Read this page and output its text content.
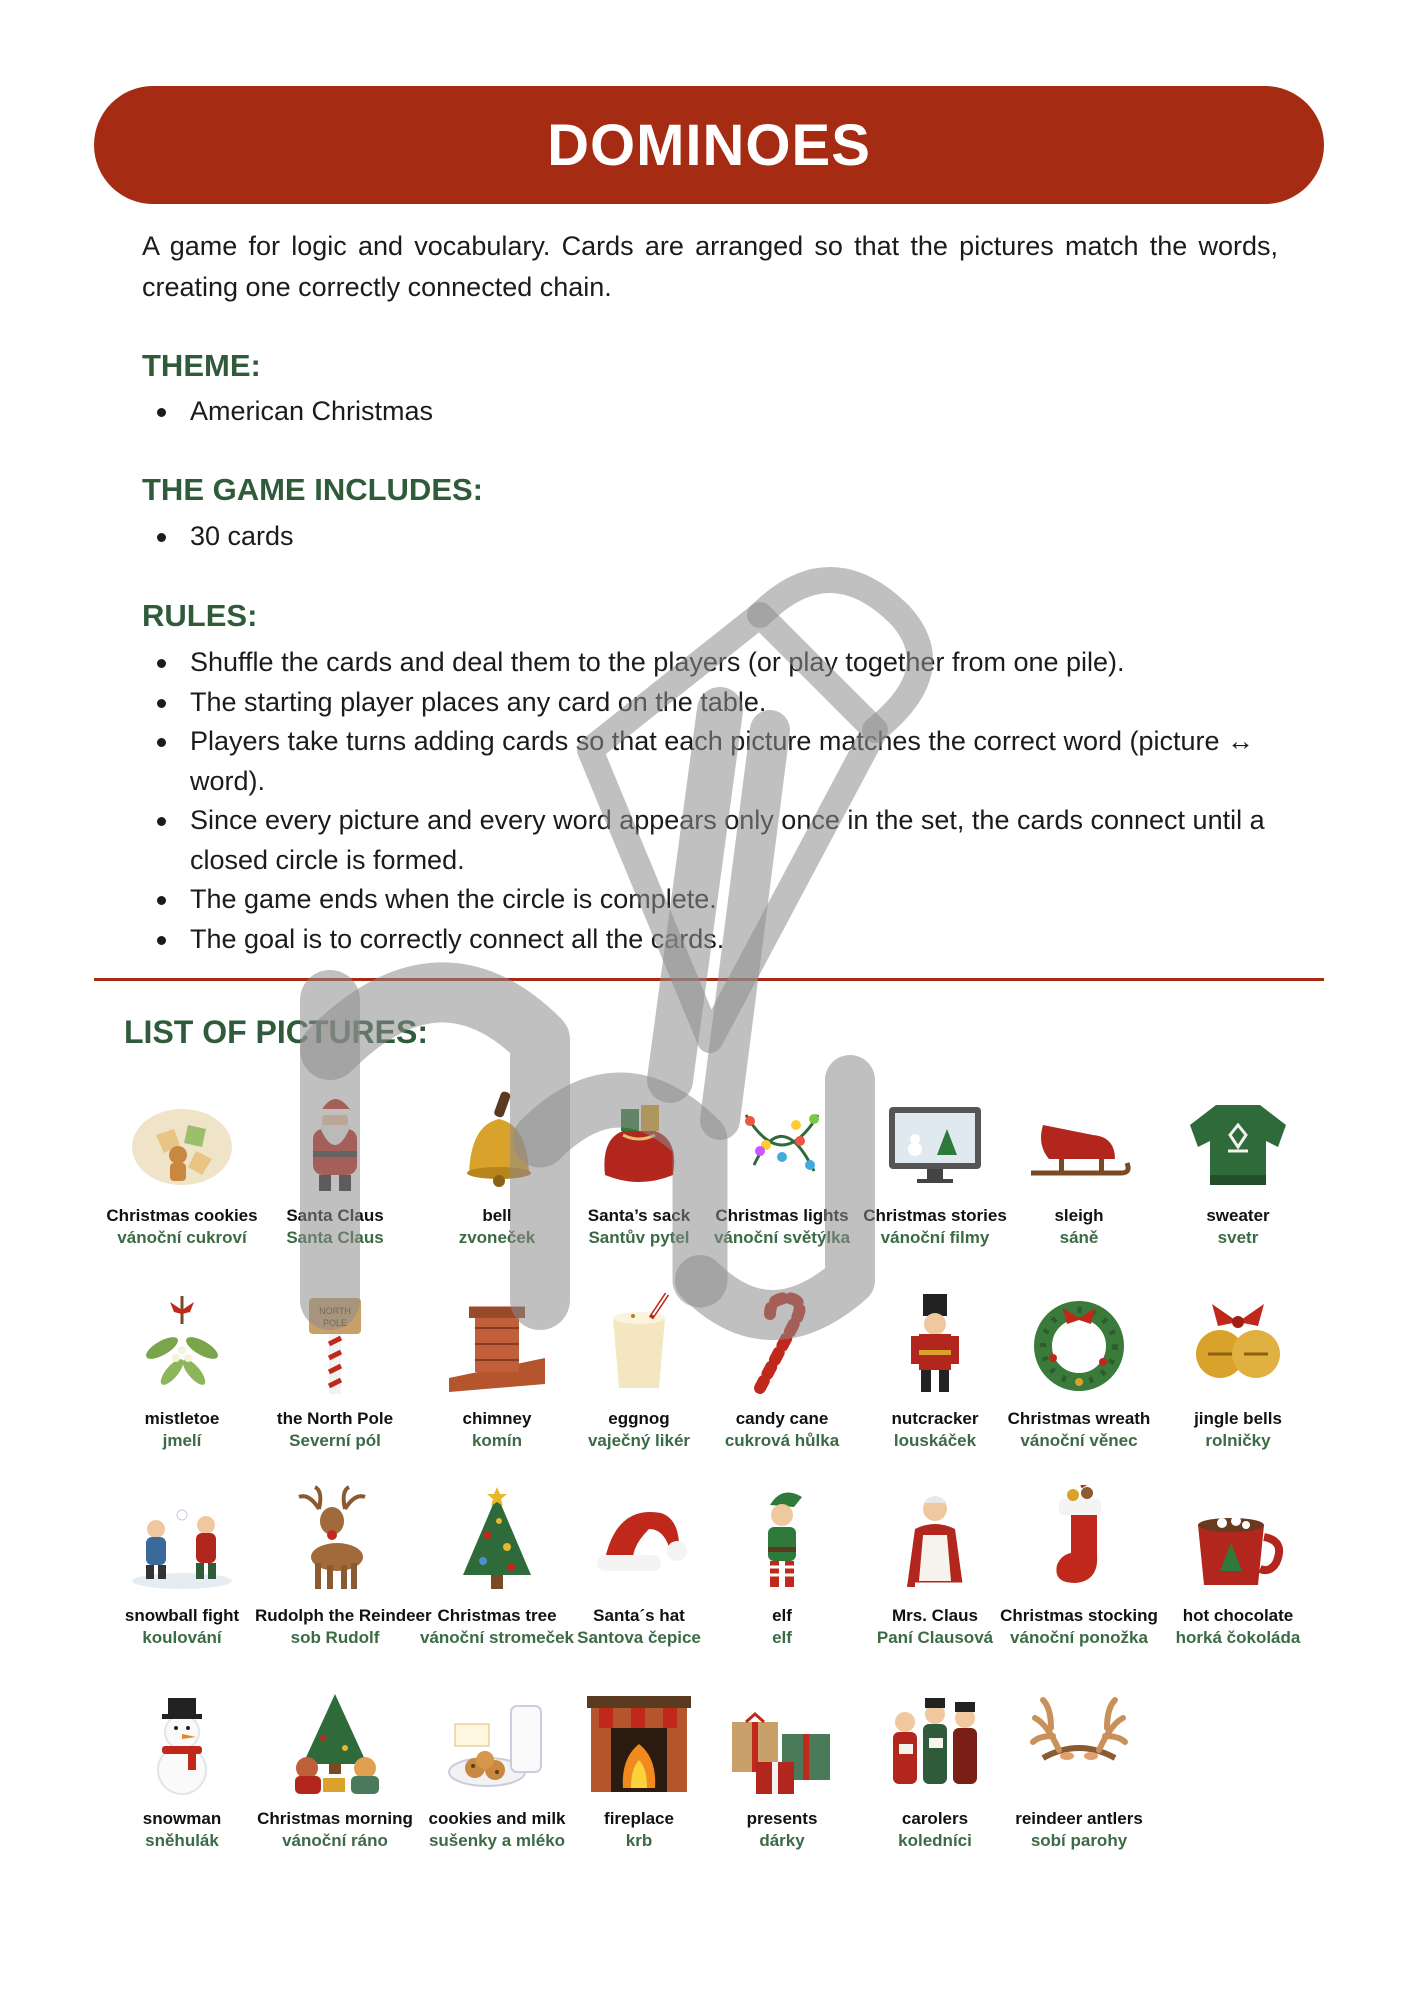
DOMINOES

A game for logic and vocabulary. Cards are arranged so that the pictures match the words, creating one correctly connected chain.

THEME:
American Christmas
THE GAME INCLUDES:
30 cards
RULES:
Shuffle the cards and deal them to the players (or play together from one pile).
The starting player places any card on the table.
Players take turns adding cards so that each picture matches the correct word (picture ↔ word).
Since every picture and every word appears only once in the set, the cards connect until a closed circle is formed.
The game ends when the circle is complete.
The goal is to correctly connect all the cards.
LIST OF PICTURES:
Christmas cookies
vánoční cukroví
Santa Claus
Santa Claus
bell
zvoneček
Santa’s sack
Santův pytel
Christmas lights
vánoční světýlka
Christmas stories
vánoční filmy
sleigh
sáně
sweater
svetr
mistletoe
jmelí
NORTH
POLE
the North Pole
Severní pól
chimney
komín
eggnog
vaječný likér
candy cane
cukrová hůlka
nutcracker
louskáček
Christmas wreath
vánoční věnec
jingle bells
rolničky
snowball fight
koulování
Rudolph the Reindeer
sob Rudolf
Christmas tree
vánoční stromeček
Santa´s hat
Santova čepice
elf
elf
Mrs. Claus
Paní Clausová
Christmas stocking
vánoční ponožka
hot chocolate
horká čokoláda
snowman
sněhulák
Christmas morning
vánoční ráno
cookies and milk
sušenky a mléko
fireplace
krb
presents
dárky
carolers
koledníci
reindeer antlers
sobí parohy
